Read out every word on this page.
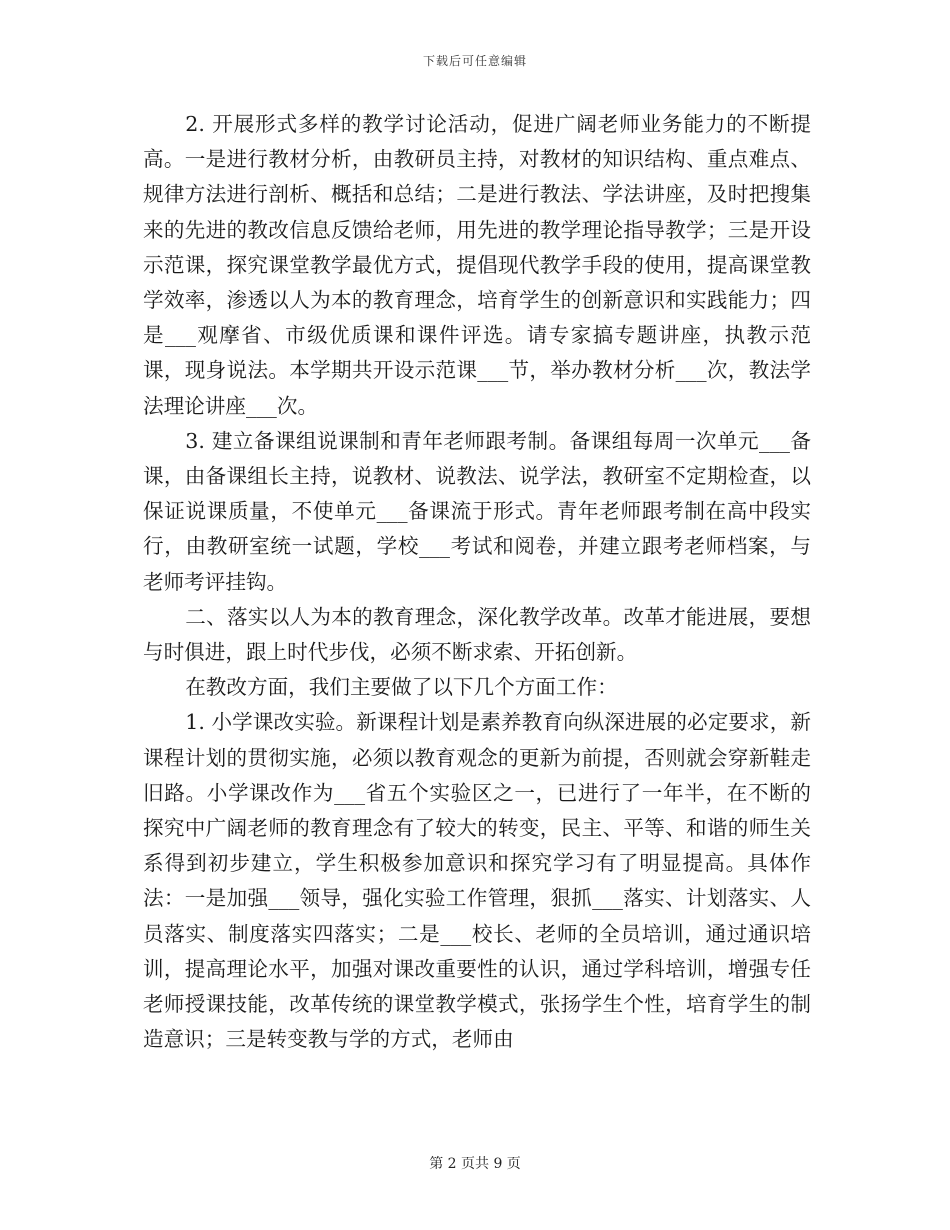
下载后可任意编辑

2. 开展形式多样的教学讨论活动，促进广阔老师业务能力的不断提高。一是进行教材分析，由教研员主持，对教材的知识结构、重点难点、规律方法进行剖析、概括和总结；二是进行教法、学法讲座，及时把搜集来的先进的教改信息反馈给老师，用先进的教学理论指导教学；三是开设示范课，探究课堂教学最优方式，提倡现代教学手段的使用，提高课堂教学效率，渗透以人为本的教育理念，培育学生的创新意识和实践能力；四是___观摩省、市级优质课和课件评选。请专家搞专题讲座，执教示范课，现身说法。本学期共开设示范课___节，举办教材分析___次，教法学法理论讲座___次。

3. 建立备课组说课制和青年老师跟考制。备课组每周一次单元___备课，由备课组长主持，说教材、说教法、说学法，教研室不定期检查，以保证说课质量，不使单元___备课流于形式。青年老师跟考制在高中段实行，由教研室统一试题，学校___考试和阅卷，并建立跟考老师档案，与老师考评挂钩。

二、落实以人为本的教育理念，深化教学改革。改革才能进展，要想与时俱进，跟上时代步伐，必须不断求索、开拓创新。

在教改方面，我们主要做了以下几个方面工作：

1. 小学课改实验。新课程计划是素养教育向纵深进展的必定要求，新课程计划的贯彻实施，必须以教育观念的更新为前提，否则就会穿新鞋走旧路。小学课改作为___省五个实验区之一，已进行了一年半，在不断的探究中广阔老师的教育理念有了较大的转变，民主、平等、和谐的师生关系得到初步建立，学生积极参加意识和探究学习有了明显提高。具体作法：一是加强___领导，强化实验工作管理，狠抓___落实、计划落实、人员落实、制度落实四落实；二是___校长、老师的全员培训，通过通识培训，提高理论水平，加强对课改重要性的认识，通过学科培训，增强专任老师授课技能，改革传统的课堂教学模式，张扬学生个性，培育学生的制造意识；三是转变教与学的方式，老师由

第 2 页共 9 页
